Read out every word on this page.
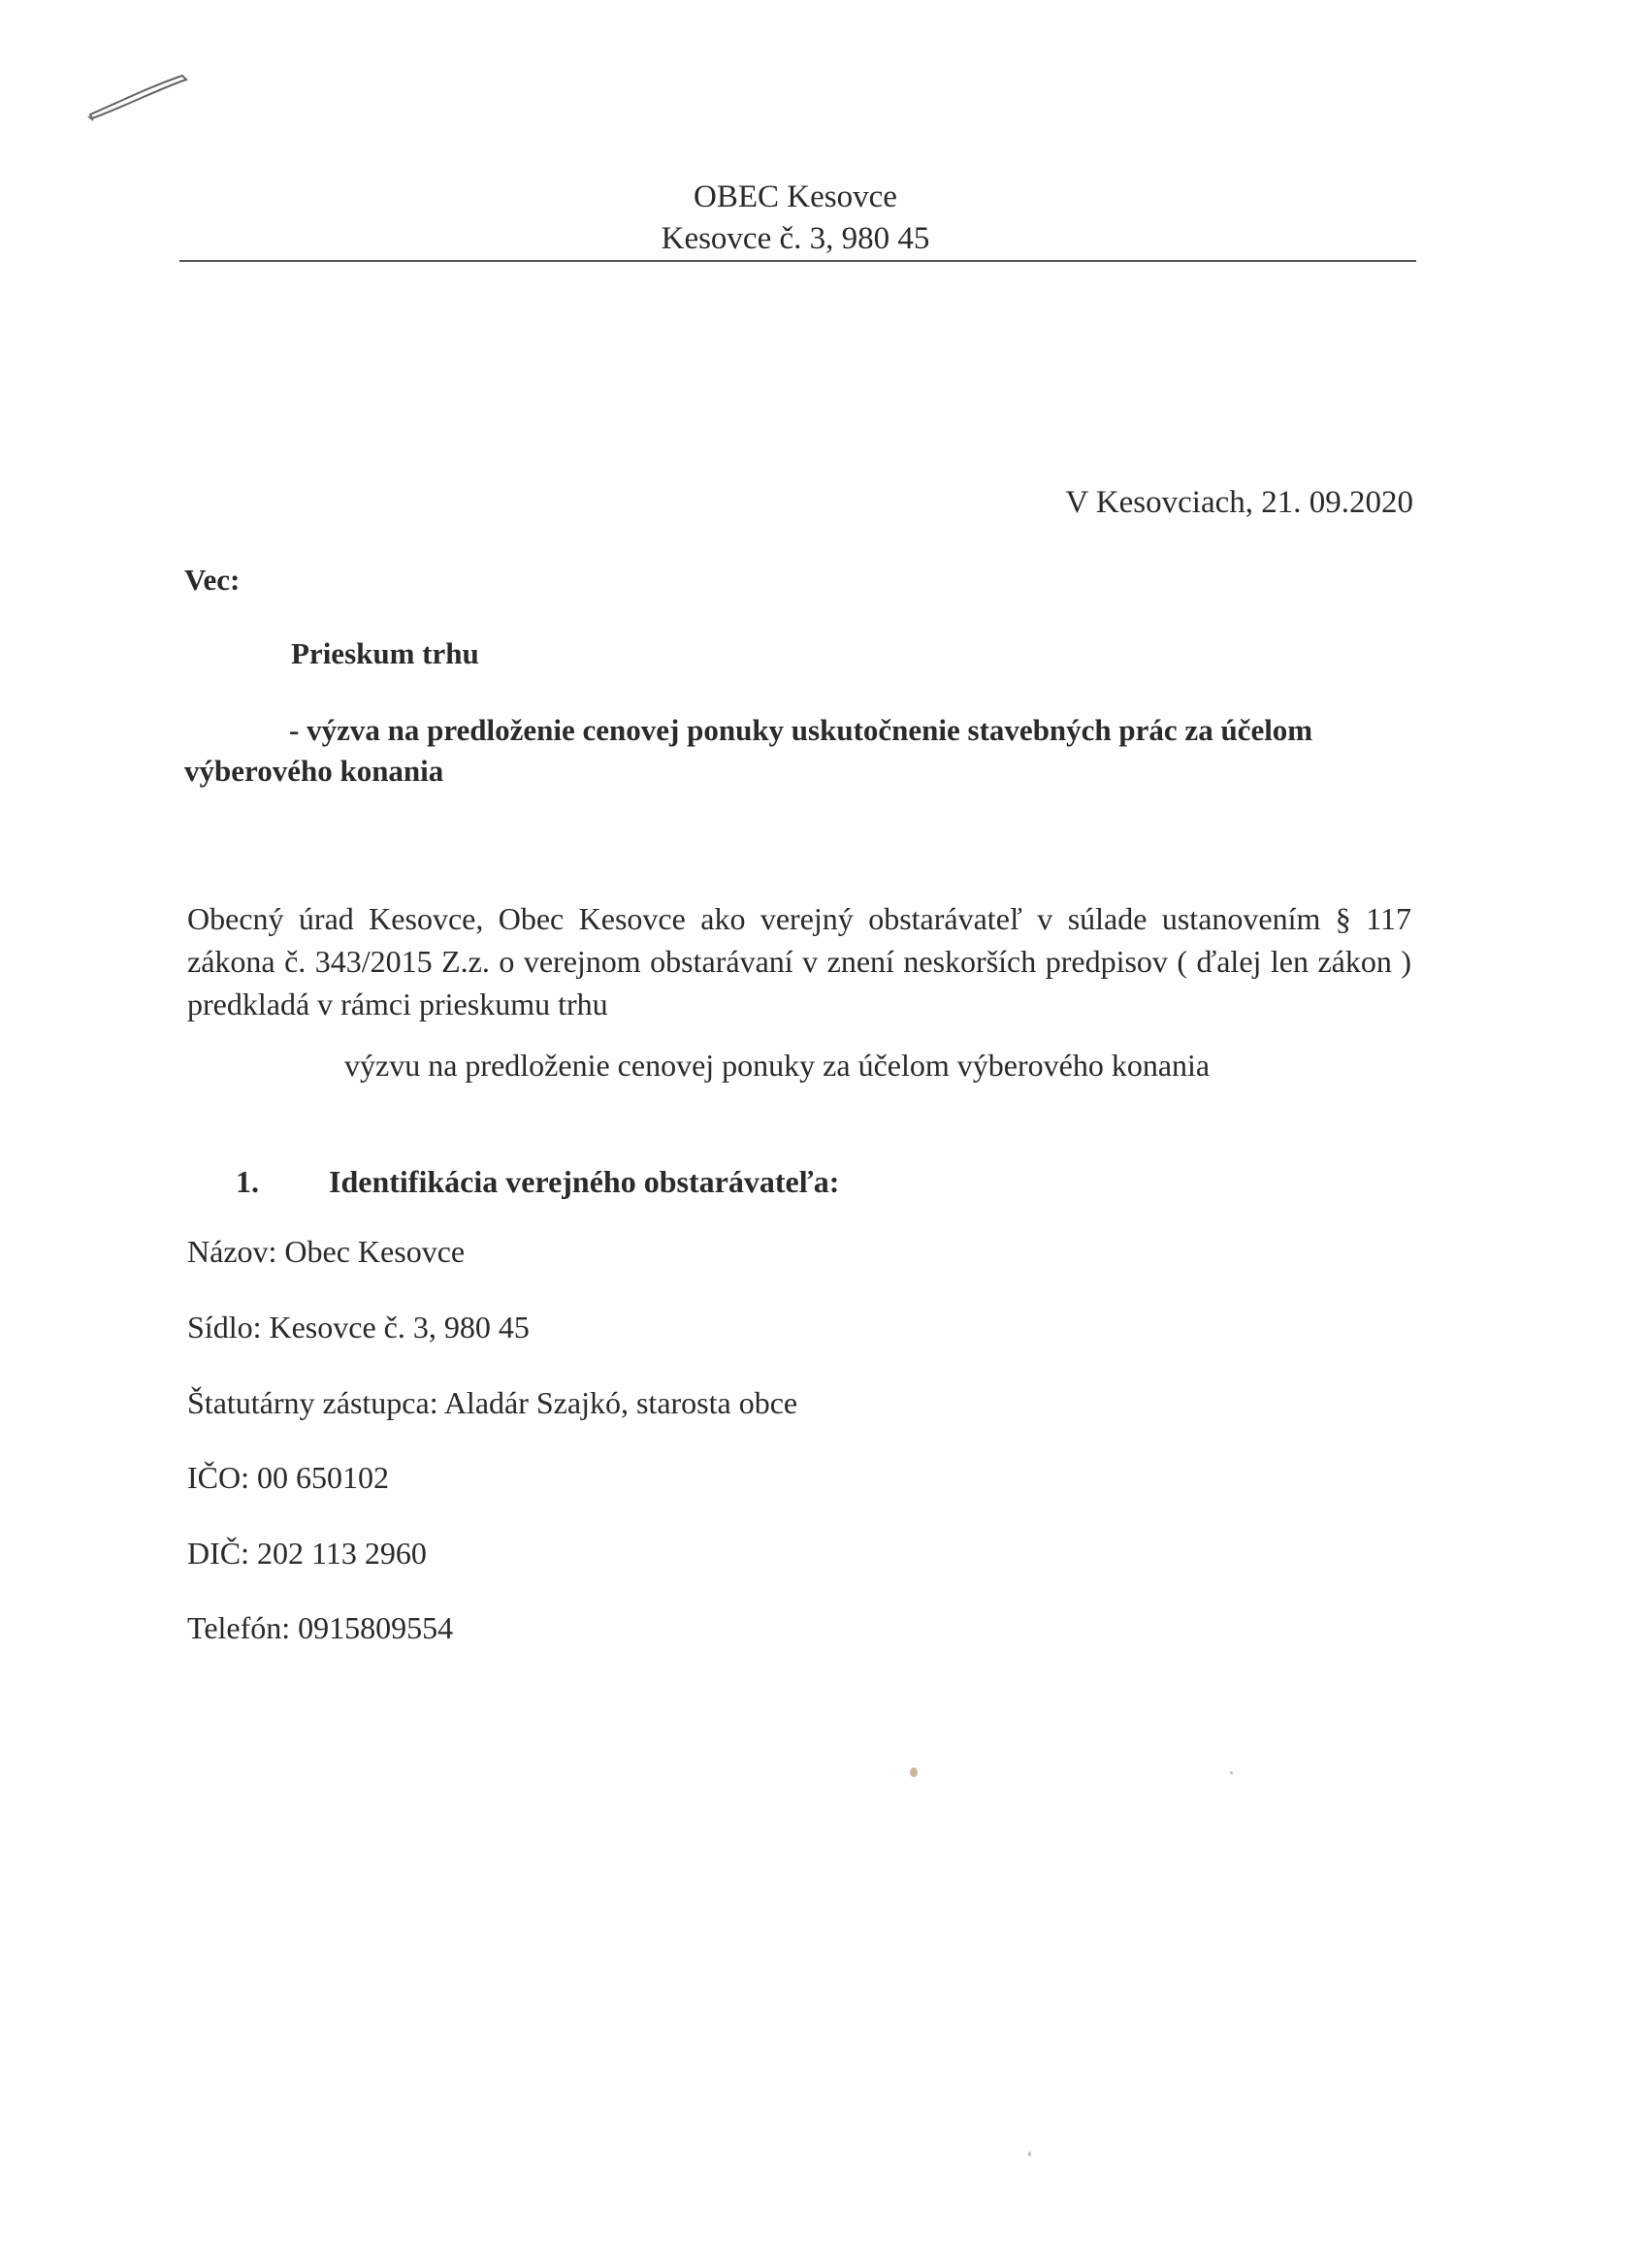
OBEC Kesovce
Kesovce č. 3, 980 45
V Kesovciach, 21. 09.2020
Vec:
Prieskum trhu
- výzva na predloženie cenovej ponuky uskutočnenie stavebných prác za účelom výberového konania
Obecný úrad Kesovce, Obec Kesovce ako verejný obstarávateľ v súlade ustanovením § 117 zákona č. 343/2015 Z.z. o verejnom obstarávaní v znení neskorších predpisov ( ďalej len zákon ) predkladá v rámci prieskumu trhu
výzvu na predloženie cenovej ponuky za účelom výberového konania
1. Identifikácia verejného obstarávateľa:
Názov: Obec Kesovce
Sídlo: Kesovce č. 3, 980 45
Štatutárny zástupca: Aladár Szajkó, starosta obce
IČO: 00 650102
DIČ: 202 113 2960
Telefón: 0915809554
